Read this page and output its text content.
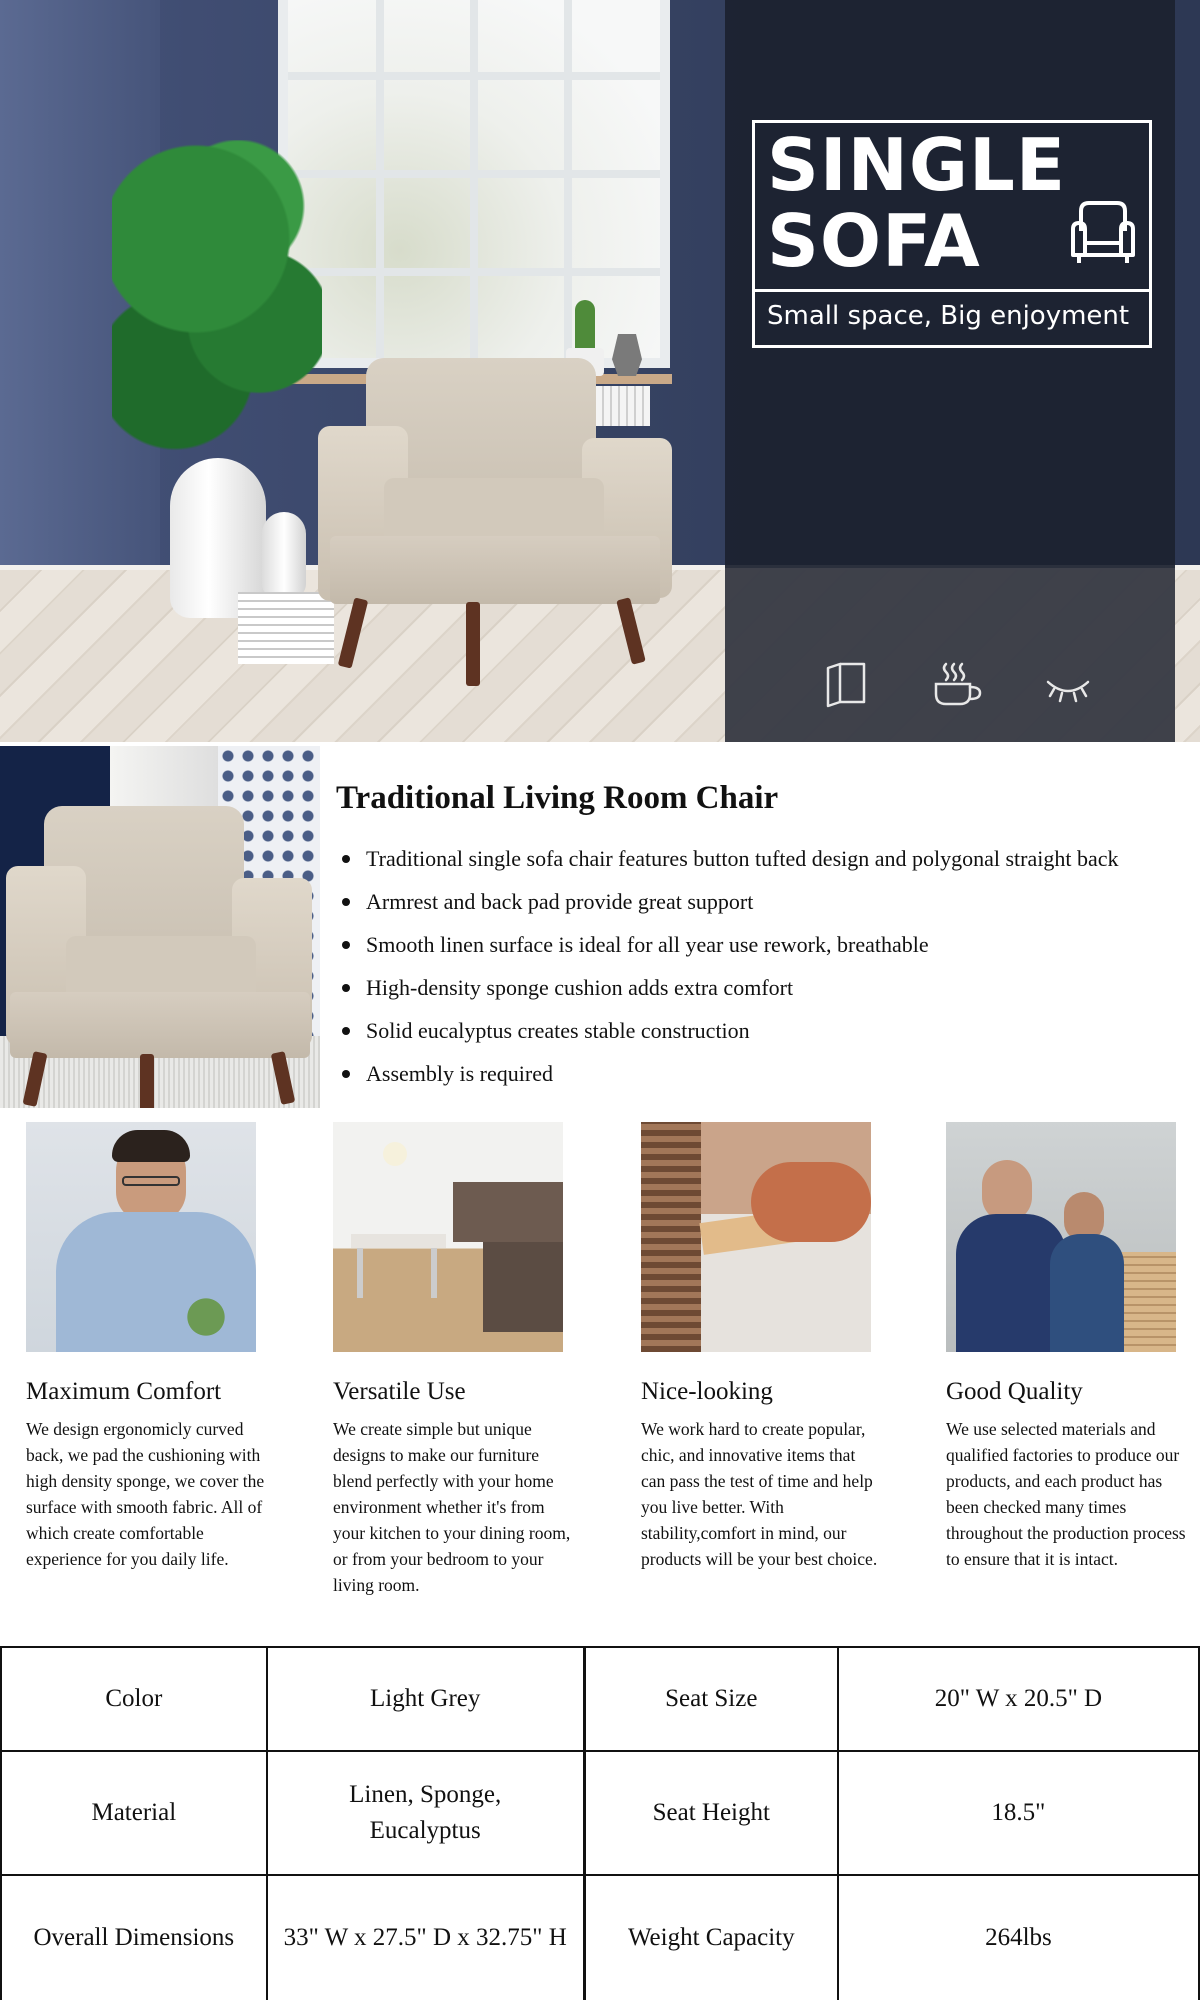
SINGLE
SOFA
Small space, Big enjoyment
Traditional Living Room Chair
Traditional single sofa chair features button tufted design and polygonal straight back
Armrest and back pad provide great support
Smooth linen surface is ideal for all year use rework, breathable
High-density sponge cushion adds extra comfort
Solid eucalyptus creates stable construction
Assembly is required
Maximum Comfort

We design ergonomicly curved back, we pad the cushioning with high density sponge, we cover the surface with smooth fabric. All of which create comfortable experience for you daily life.

Versatile Use

We create simple but unique designs to make our furniture blend perfectly with your home environment whether it's from your kitchen to your dining room, or from your bedroom to your living room.

Nice-looking

We work hard to create popular, chic, and innovative items that can pass the test of time and help you live better. With stability,comfort in mind, our products will be your best choice.

Good Quality

We use selected materials and qualified factories to produce our products, and each product has been checked many times throughout the production process to ensure that it is intact.

Color	Light Grey	Seat Size	20" W x 20.5" D
Material	Linen, Sponge, Eucalyptus	Seat Height	18.5"
Overall Dimensions	33" W x 27.5" D x 32.75" H	Weight Capacity	264lbs
